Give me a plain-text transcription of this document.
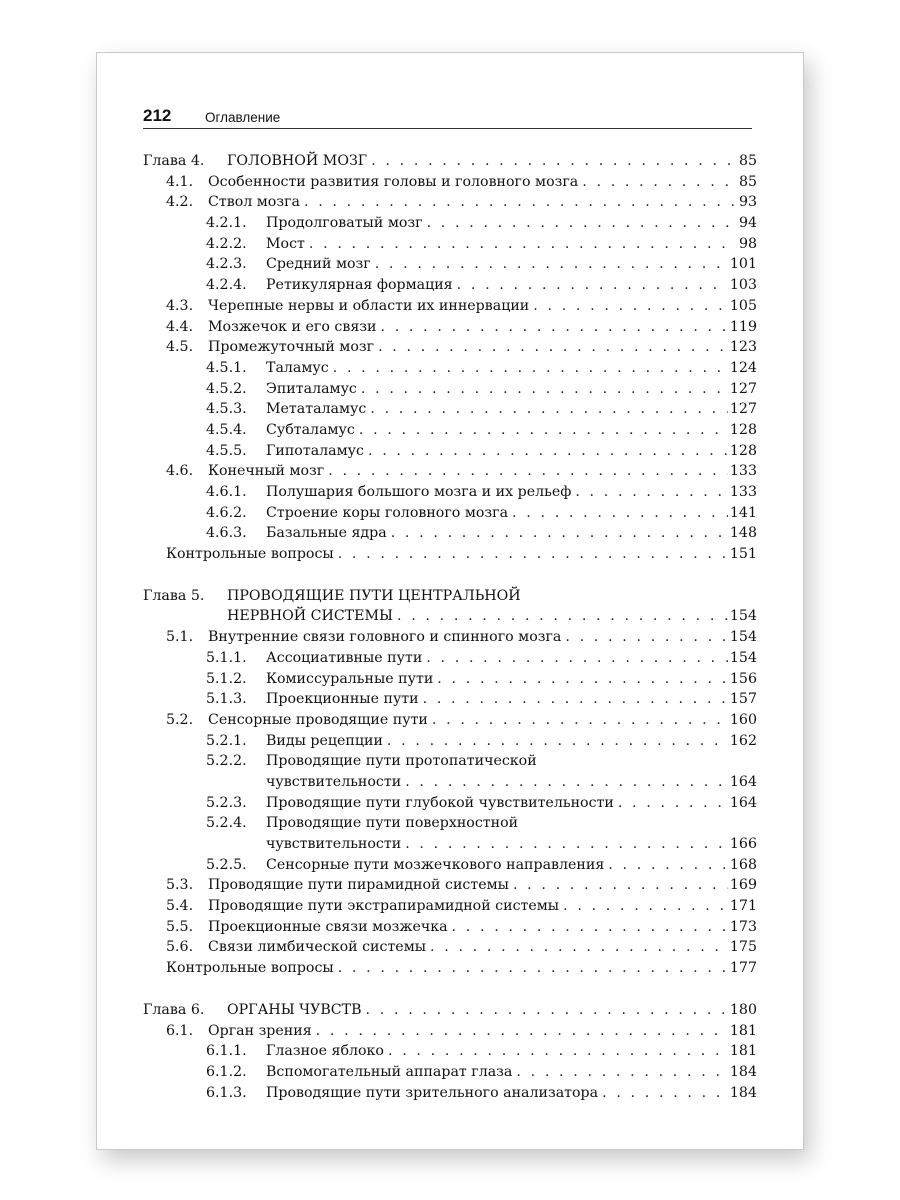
212 Оглавление
Глава 4. ГОЛОВНОЙ МОЗГ . . .	85
4.1. Особенности развития головы и головного мозга . . .	85
4.2. Ствол мозга . . .	93
4.2.1. Продолговатый мозг . . .	94
4.2.2. Мост . . .	98
4.2.3. Средний мозг . . .	101
4.2.4. Ретикулярная формация . . .	103
4.3. Черепные нервы и области их иннервации . . .	105
4.4. Мозжечок и его связи . . .	119
4.5. Промежуточный мозг . . .	123
4.5.1. Таламус . . .	124
4.5.2. Эпиталамус . . .	127
4.5.3. Метаталамус . . .	127
4.5.4. Субталамус . . .	128
4.5.5. Гипоталамус . . .	128
4.6. Конечный мозг . . .	133
4.6.1. Полушария большого мозга и их рельеф . . .	133
4.6.2. Строение коры головного мозга . . .	141
4.6.3. Базальные ядра . . .	148
Контрольные вопросы . . .	151
Глава 5. ПРОВОДЯЩИЕ ПУТИ ЦЕНТРАЛЬНОЙ
НЕРВНОЙ СИСТЕМЫ . . .	154
5.1. Внутренние связи головного и спинного мозга . . .	154
5.1.1. Ассоциативные пути . . .	154
5.1.2. Комиссуральные пути . . .	156
5.1.3. Проекционные пути . . .	157
5.2. Сенсорные проводящие пути . . .	160
5.2.1. Виды рецепции . . .	162
5.2.2. Проводящие пути протопатической
чувствительности . . .	164
5.2.3. Проводящие пути глубокой чувствительности . . .	164
5.2.4. Проводящие пути поверхностной
чувствительности . . .	166
5.2.5. Сенсорные пути мозжечкового направления . . .	168
5.3. Проводящие пути пирамидной системы . . .	169
5.4. Проводящие пути экстрапирамидной системы . . .	171
5.5. Проекционные связи мозжечка . . .	173
5.6. Связи лимбической системы . . .	175
Контрольные вопросы . . .	177
Глава 6. ОРГАНЫ ЧУВСТВ . . .	180
6.1. Орган зрения . . .	181
6.1.1. Глазное яблоко . . .	181
6.1.2. Вспомогательный аппарат глаза . . .	184
6.1.3. Проводящие пути зрительного анализатора . . .	184
